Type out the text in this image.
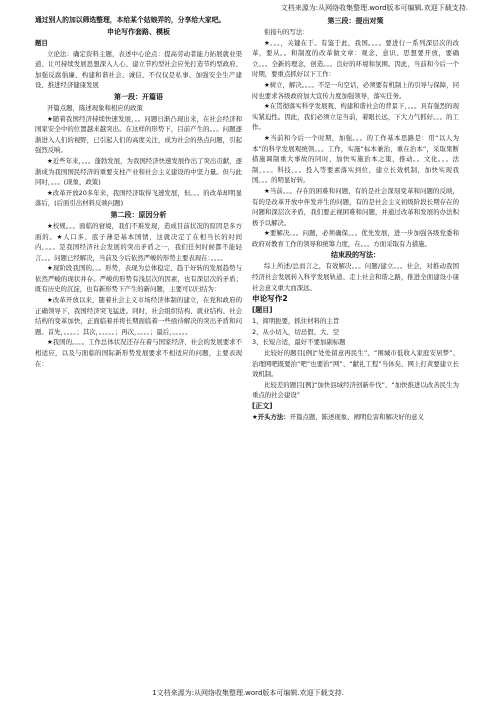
文档来源为:从网络收集整理.word版本可编辑.欢迎下载支持.

通过别人的加以筛选整理，本给某个姑娘弄的，分享给大家吧。

申论写作套路、模板

题目

立论法：确定资料主题，表述中心论点：提高劳动者能力拓展就业渠道、让可持续发展思想深入人心、建立节约型社会应先打造节约型政府、加强反腐倡廉、构建和谐社会、诚信，不仅仅是私事、加强安全生产建设、推进经济健康发展

第一段：开篇语

开篇点题，陈述现象和相应的政策

★随着我国经济持续快速发展，。。问题日渐凸现出来，在社会经济和国家安全中的位置越来越突出。在这样的形势下，目前产生的。。。问题逐渐进入人们的视野，已引起人们的高度关注，成为社会的热点问题，引起强烈反响。

★近些年来，。。。蓬勃发展，为我国经济快速发展作出了突出贡献，逐渐成为我国国民经济的重要支柱产业和社会主义建设的中坚力量。但与此同时，。。。(现象，政策)

★改革开放20多年来，我国经济取得飞速发展，但。。。的改革却明显落后，(后面引出材料反映问题)

第二段：原因分析

★校规。。。面临的窘境，我们不难发现，造成目前状况的原因是多方面的。★人口多、底子薄是基本国情，这就决定了在相当长的时间内，。。。是我国经济社会发展的突出矛盾之一，我们任何时候都不能轻言。。。问题已经解决，当前及今后依然严峻的形势主要表现在：。。。。

★现阶段我国的。。。形势，表现为总体稳定、趋于好转的发展趋势与依然严峻的现状并存。严峻的形势有浅层次的因素，也有深层次的矛盾；既有历史的沉淀，也有新形势下产生的新问题，主要可以归结为：

★改革开放以来，随着社会主义市场经济体制的建立，在党和政府的正确领导下，我国经济突飞猛进。同时，社会组织结构、就业结构、社会结构的变革加快，正面临着并将长期面临着一些亟待解决的突出矛盾和问题。首先，。。。。；其次，。。。。。；再次，。。。。；最后，。。。。。

★我国的。。。。工作总体状况还存在着与国家经济、社会的发展要求不相适应，以及与面临的国际新形势发展要求不相适应的问题，主要表现在：

第三段：提出对策

衔接句的写法：

★。。。，关键在于。有鉴于此，我国。。。。要进行一系列深层次的改革，要从。。和制度的改革做文章：观念、意识、思想要开放，要确立。。。全新的理念，创造。。。良好的环境和氛围。因此，当前和今后一个时期，要重点抓好以下工作：

★树立，解决。。。。不是一句空话，必须要有机制上的引导与保障，同时也要求各级政府加大宣传力度加强领导，落实任务。

★在贯彻落实科学发展观、构建和谐社会的背景下，。。。具有强烈的现实紧迫性。因此，我们必须立足当前，着眼长远，下大力气抓好。。。的工作。

★当前和今后一个时期，加强。。。的工作基本思路是：用“以人为本”的科学发展观统领。。。工作，实施“标本兼治，重在治本”，采取果断措施调制重大事故的同时，加快实施治本之策，推动。。文化。。。法制，。。。科技，。。投入等要素落实到位，建立长效机制，加快实现我国。。。的明显好转。

★当前。。。存在的困难和问题，有的是社会深刻变革和问题的反映，有的是改革开放中伴发并生的问题，有的是社会主义初级阶段长期存在的问题和深层次矛盾，我们要正视困难和问题，并通过改革和发展的办法积极予以解决。

★要解决。。。问题，必须确保。。。优先发展，进一步加强各级党委和政府对教育工作的领导和统筹力度，在。。。方面采取有力措施。

结束段的写法：

综上所述/总而言之，有效解决。。。问题/建立。。。社会，对推动我国经济社会发展转入科学发展轨道、走上社会和谐之路，推进全面建设小康社会意义重大而深远。

申论写作2

[题目]

1、简明扼要，抓住材料的主旨

2、从小切入，切忌假、大、空

3、长短合适，最好不要加副标题

比较好的题目[例]“处处留意再民生”、“围城市低收入家庭安居梦”、治理网吧既要治“吧”也要治“网”、“献礼工程”当休矣、网上打黄要建立长效机制。

比较差的题目[例]“加快县域经济创新步伐”、“加快推进以改善民生为重点的社会建设”

[正文]

★开头方法：开篇点题，陈述现象、阐明危害和解决好的意义

1文档来源为:从网络收集整理.word版本可编辑.欢迎下载支持.
